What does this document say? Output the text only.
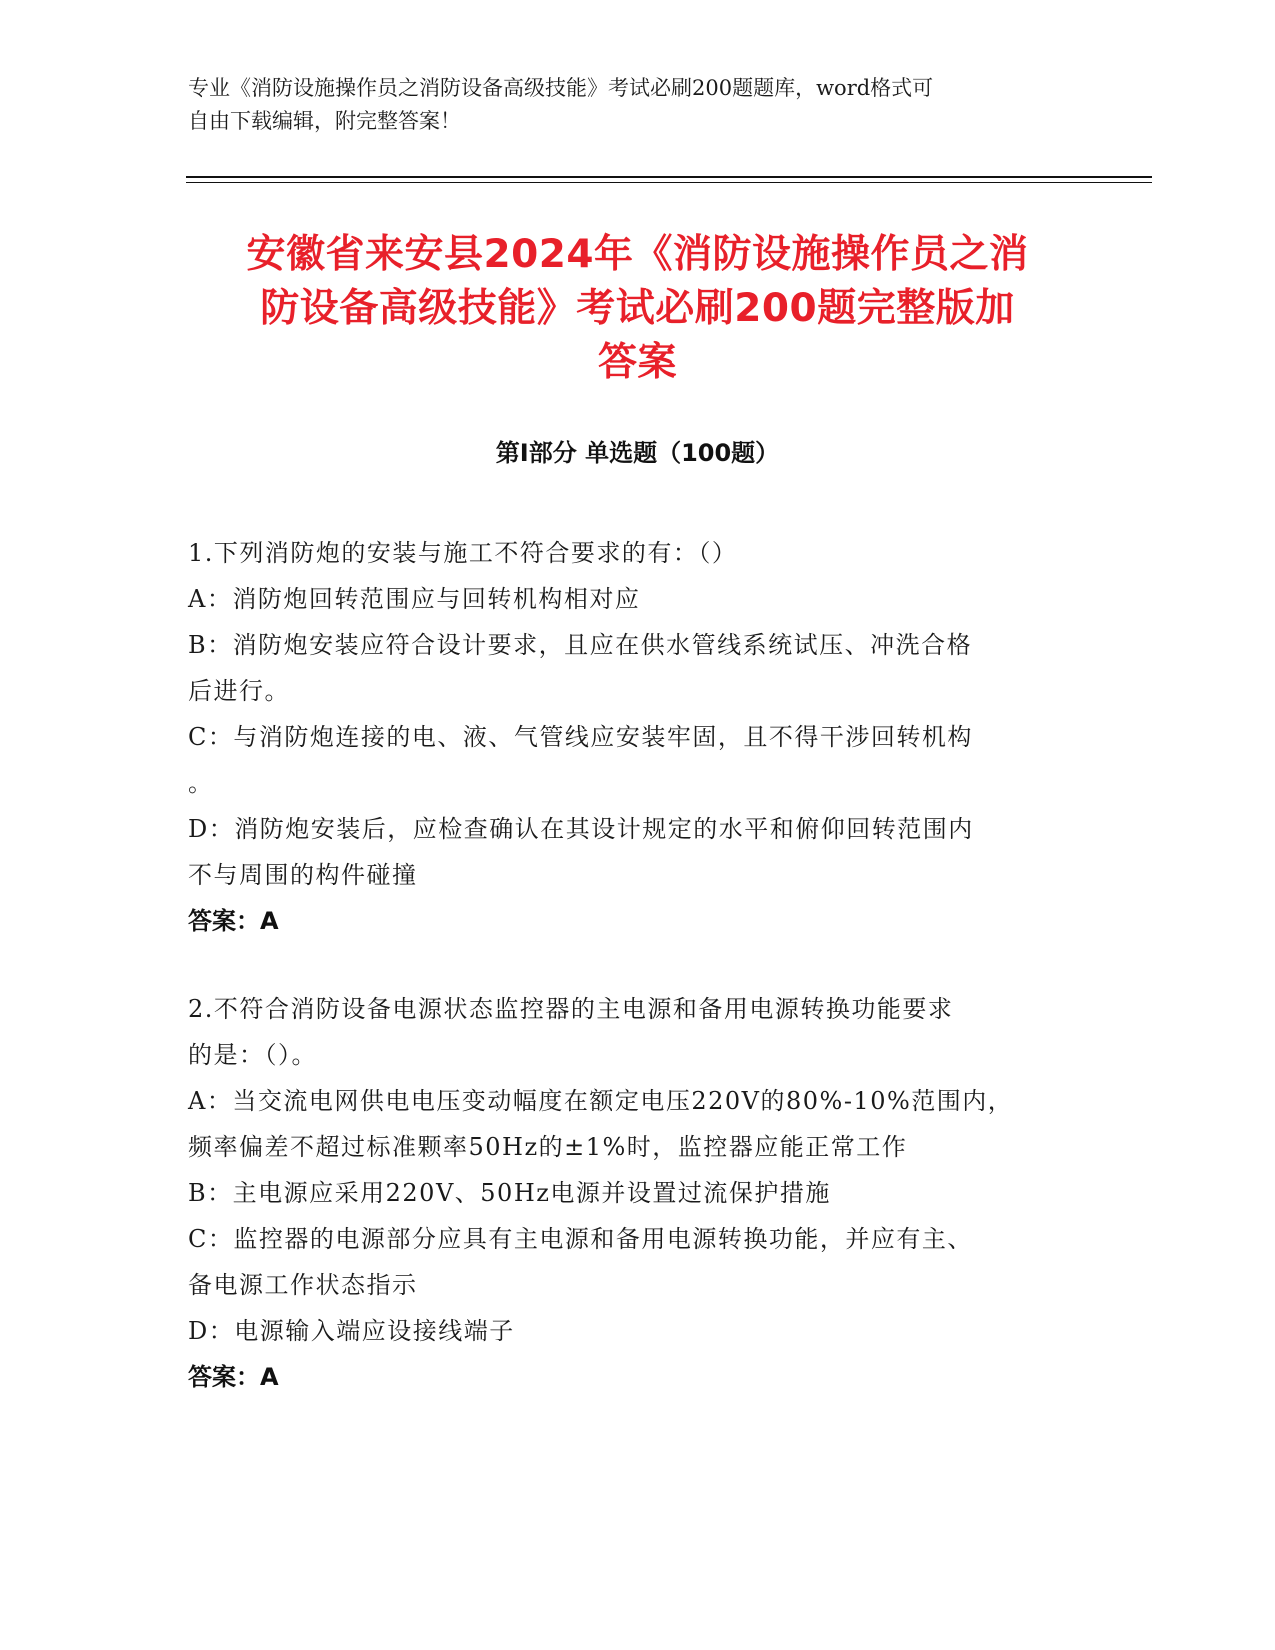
专业《消防设施操作员之消防设备高级技能》考试必刷200题题库，word格式可
自由下载编辑，附完整答案！
安徽省来安县2024年《消防设施操作员之消
防设备高级技能》考试必刷200题完整版加
答案
第Ⅰ部分 单选题（100题）
1.下列消防炮的安装与施工不符合要求的有：（）
A：消防炮回转范围应与回转机构相对应
B：消防炮安装应符合设计要求，且应在供水管线系统试压、冲洗合格
后进行。
C：与消防炮连接的电、液、气管线应安装牢固，且不得干涉回转机构
。
D：消防炮安装后，应检查确认在其设计规定的水平和俯仰回转范围内
不与周围的构件碰撞
答案：A
2.不符合消防设备电源状态监控器的主电源和备用电源转换功能要求
的是：（）。
A：当交流电网供电电压变动幅度在额定电压220V的80%-10%范围内，
频率偏差不超过标准颗率50Hz的±1%时，监控器应能正常工作
B：主电源应采用220V、50Hz电源并设置过流保护措施
C：监控器的电源部分应具有主电源和备用电源转换功能，并应有主、
备电源工作状态指示
D：电源输入端应设接线端子
答案：A
